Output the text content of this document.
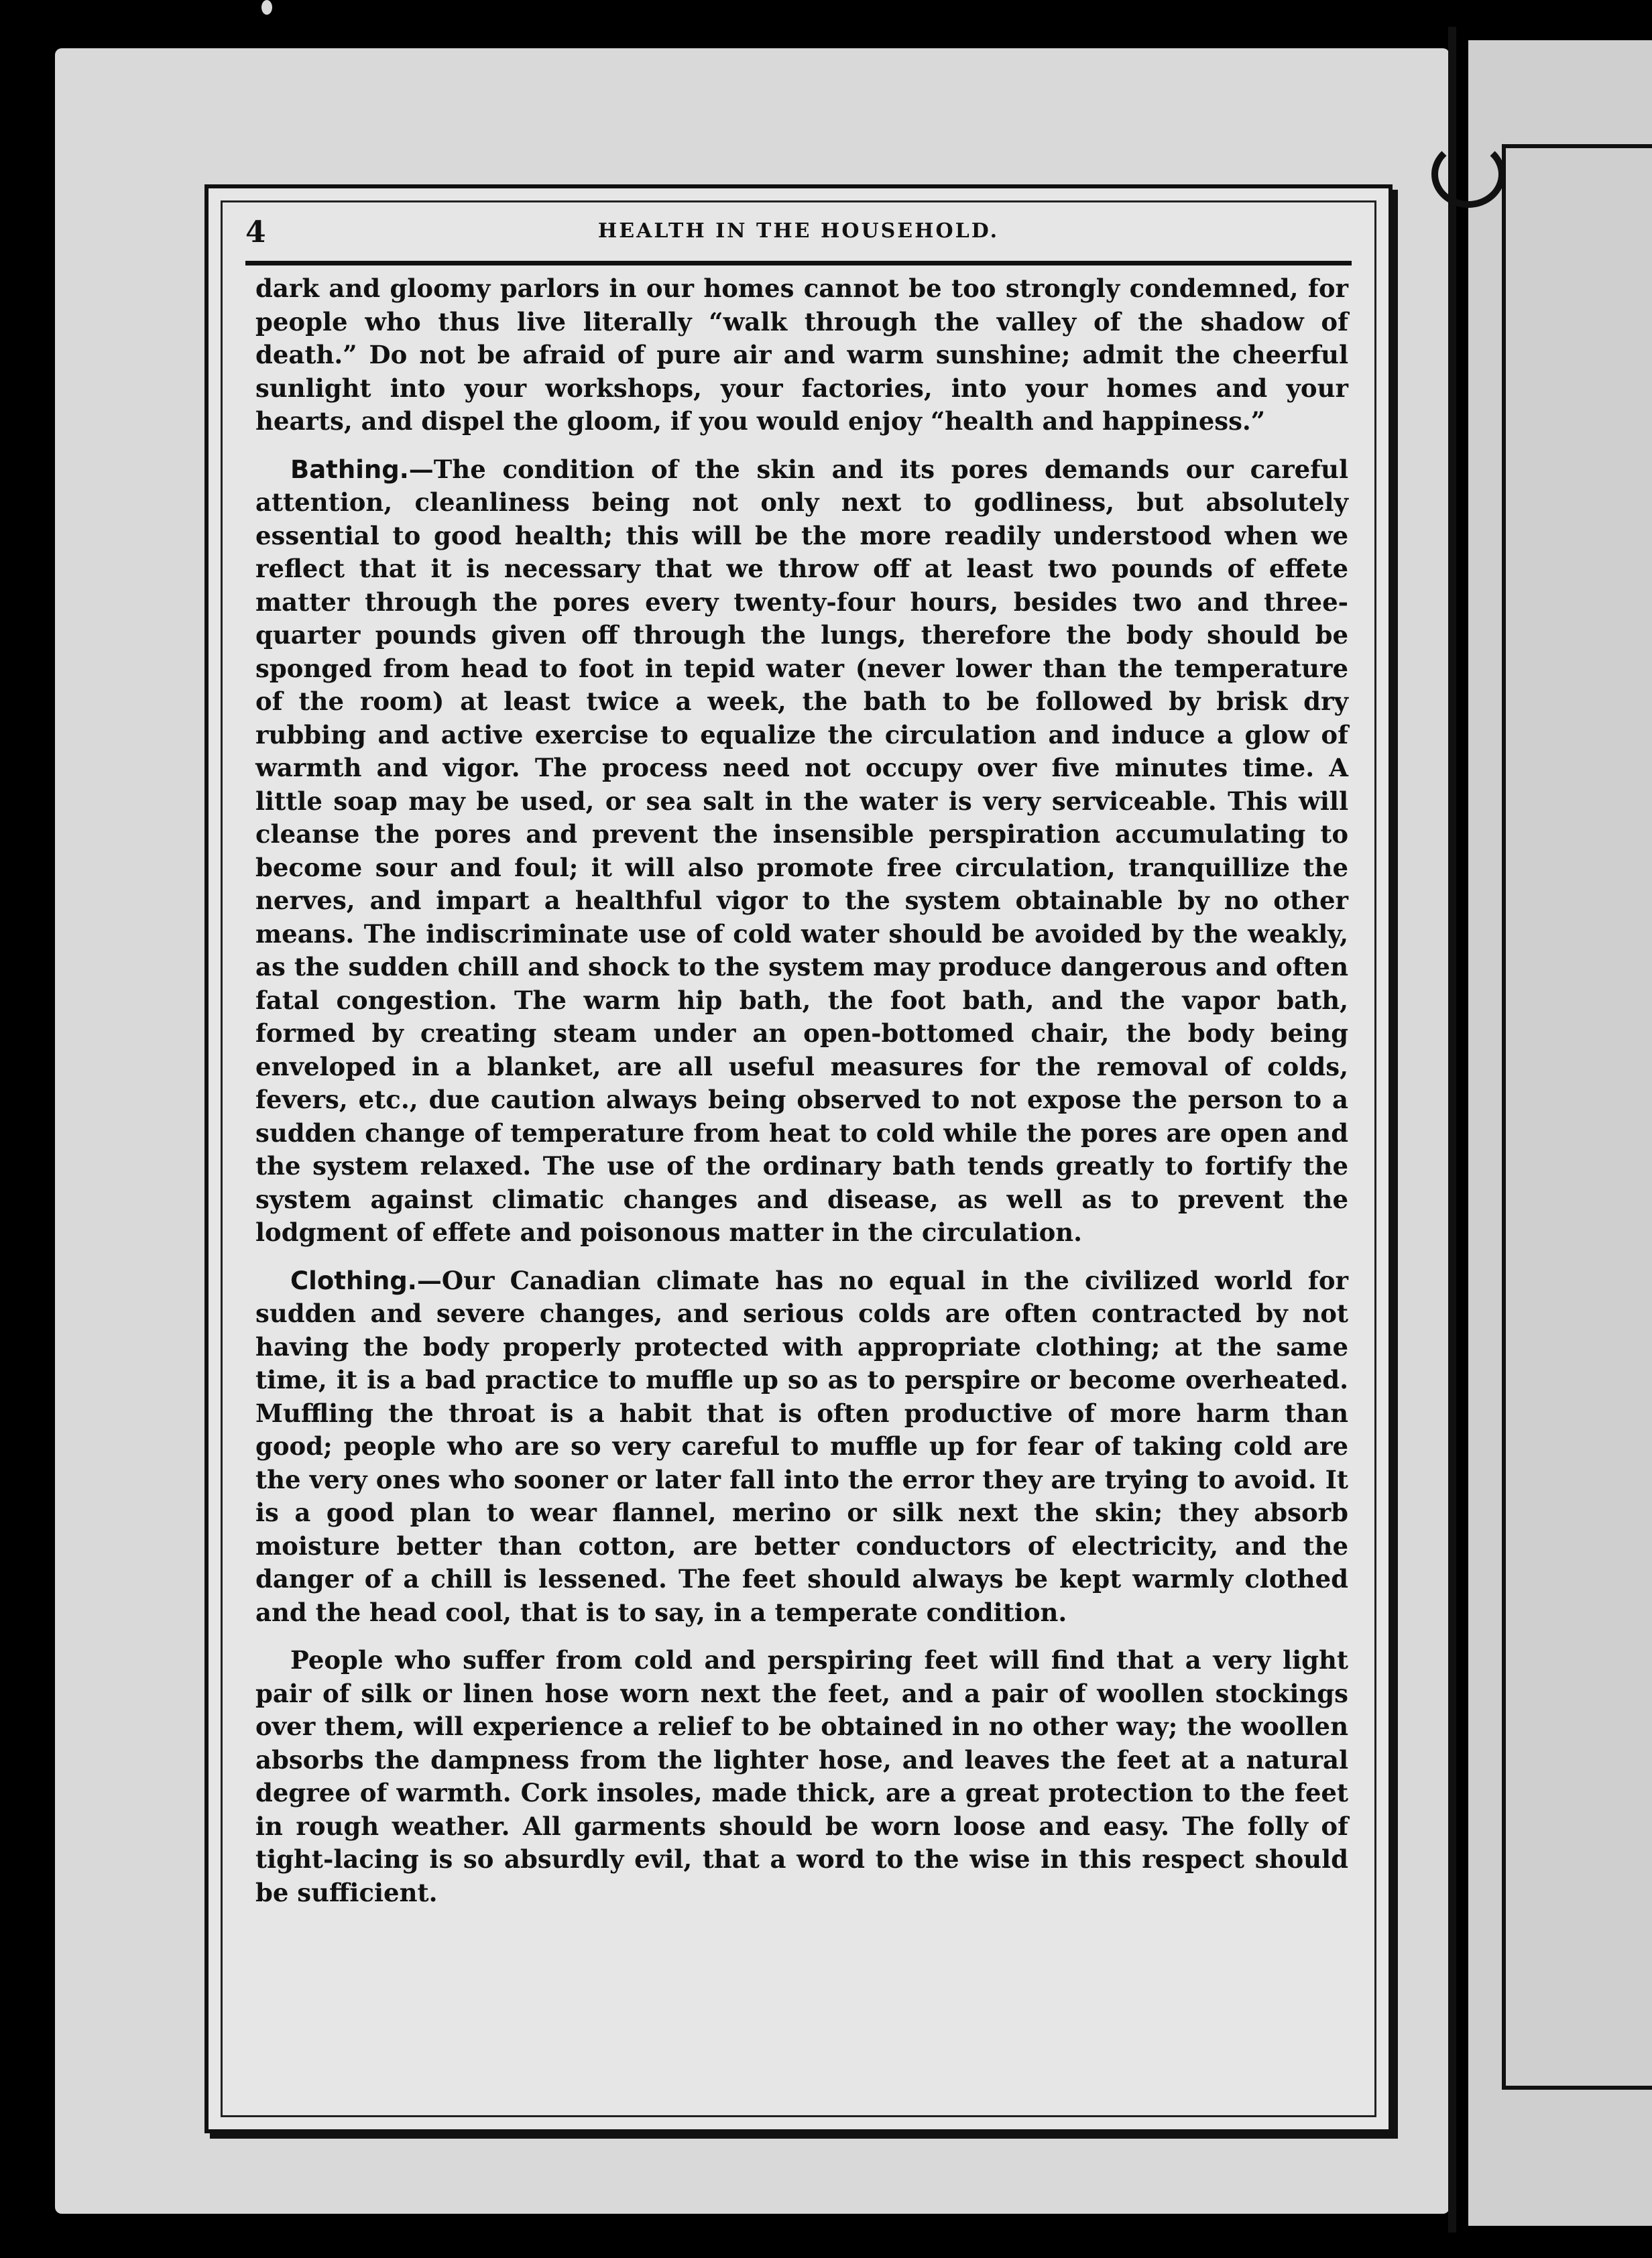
4	HEALTH IN THE HOUSEHOLD.

dark and gloomy parlors in our homes cannot be too strongly condemned, for people who thus live literally “walk through the valley of the shadow of death.” Do not be afraid of pure air and warm sunshine; admit the cheerful sunlight into your workshops, your factories, into your homes and your hearts, and dispel the gloom, if you would enjoy “health and happiness.”

Bathing.—The condition of the skin and its pores demands our careful attention, cleanliness being not only next to godliness, but absolutely essential to good health; this will be the more readily understood when we reflect that it is necessary that we throw off at least two pounds of effete matter through the pores every twenty-four hours, besides two and three-quarter pounds given off through the lungs, therefore the body should be sponged from head to foot in tepid water (never lower than the temperature of the room) at least twice a week, the bath to be followed by brisk dry rubbing and active exercise to equalize the circulation and induce a glow of warmth and vigor. The process need not occupy over five minutes time. A little soap may be used, or sea salt in the water is very serviceable. This will cleanse the pores and prevent the insensible perspiration accumulating to become sour and foul; it will also promote free circulation, tranquillize the nerves, and impart a healthful vigor to the system obtainable by no other means. The indiscriminate use of cold water should be avoided by the weakly, as the sudden chill and shock to the system may produce dangerous and often fatal congestion. The warm hip bath, the foot bath, and the vapor bath, formed by creating steam under an open-bottomed chair, the body being enveloped in a blanket, are all useful measures for the removal of colds, fevers, etc., due caution always being observed to not expose the person to a sudden change of temperature from heat to cold while the pores are open and the system relaxed. The use of the ordinary bath tends greatly to fortify the system against climatic changes and disease, as well as to prevent the lodgment of effete and poisonous matter in the circulation.

Clothing.—Our Canadian climate has no equal in the civilized world for sudden and severe changes, and serious colds are often contracted by not having the body properly protected with appropriate clothing; at the same time, it is a bad practice to muffle up so as to perspire or become overheated. Muffling the throat is a habit that is often productive of more harm than good; people who are so very careful to muffle up for fear of taking cold are the very ones who sooner or later fall into the error they are trying to avoid. It is a good plan to wear flannel, merino or silk next the skin; they absorb moisture better than cotton, are better conductors of electricity, and the danger of a chill is lessened. The feet should always be kept warmly clothed and the head cool, that is to say, in a temperate condition.

People who suffer from cold and perspiring feet will find that a very light pair of silk or linen hose worn next the feet, and a pair of woollen stockings over them, will experience a relief to be obtained in no other way; the woollen absorbs the dampness from the lighter hose, and leaves the feet at a natural degree of warmth. Cork insoles, made thick, are a great protection to the feet in rough weather. All garments should be worn loose and easy. The folly of tight-lacing is so absurdly evil, that a word to the wise in this respect should be sufficient.
